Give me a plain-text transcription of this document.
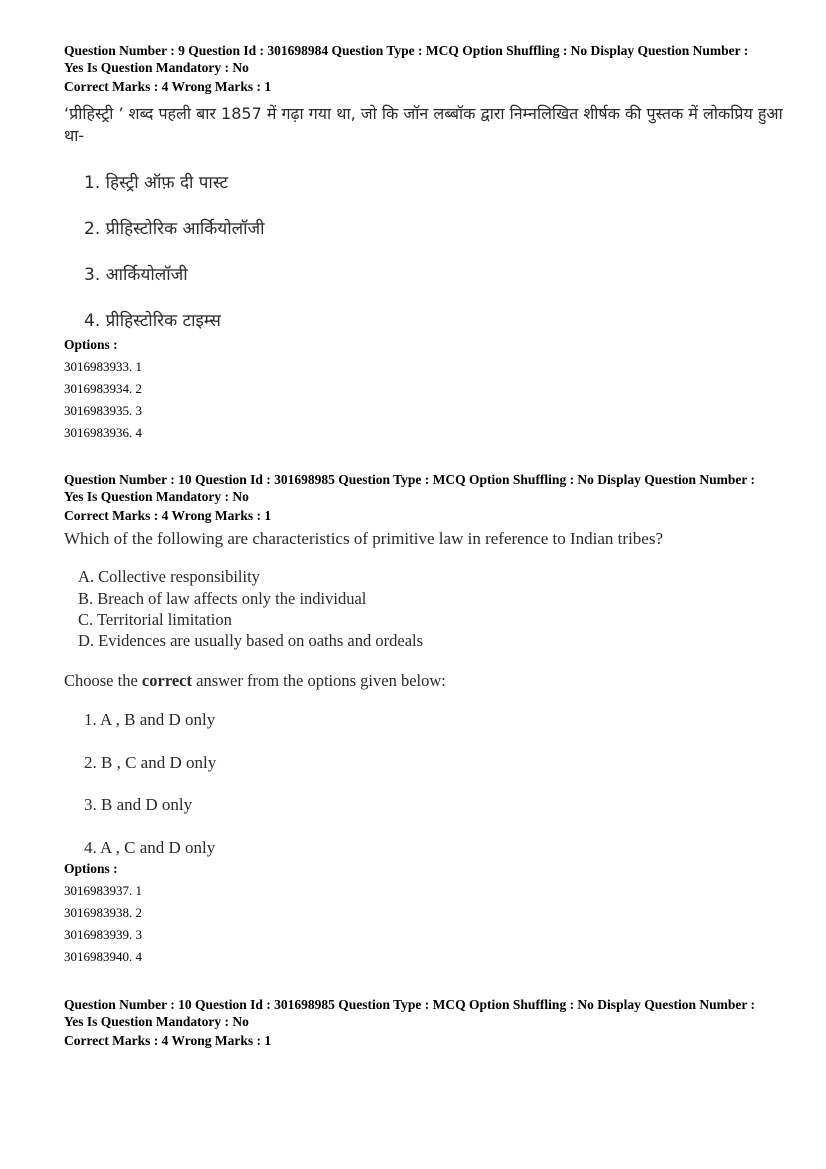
Question Number : 9 Question Id : 301698984 Question Type : MCQ Option Shuffling : No Display Question Number : Yes Is Question Mandatory : No

Correct Marks : 4 Wrong Marks : 1

‘प्रीहिस्ट्री ’ शब्द पहली बार 1857 में गढ़ा गया था, जो कि जॉन लब्बॉक द्वारा निम्नलिखित शीर्षक की पुस्तक में लोकप्रिय हुआ था-

1. हिस्ट्री ऑफ़ दी पास्ट
2. प्रीहिस्टोरिक आर्कियोलॉजी
3. आर्कियोलॉजी
4. प्रीहिस्टोरिक टाइम्स
Options :
3016983933. 1
3016983934. 2
3016983935. 3
3016983936. 4

Question Number : 10 Question Id : 301698985 Question Type : MCQ Option Shuffling : No Display Question Number : Yes Is Question Mandatory : No

Correct Marks : 4 Wrong Marks : 1

Which of the following are characteristics of primitive law in reference to Indian tribes?

A. Collective responsibility
B. Breach of law affects only the individual
C. Territorial limitation
D. Evidences are usually based on oaths and ordeals
Choose the correct answer from the options given below:
1. A , B and D only
2. B , C and D only
3. B and D only
4. A , C and D only
Options :
3016983937. 1
3016983938. 2
3016983939. 3
3016983940. 4

Question Number : 10 Question Id : 301698985 Question Type : MCQ Option Shuffling : No Display Question Number : Yes Is Question Mandatory : No

Correct Marks : 4 Wrong Marks : 1
